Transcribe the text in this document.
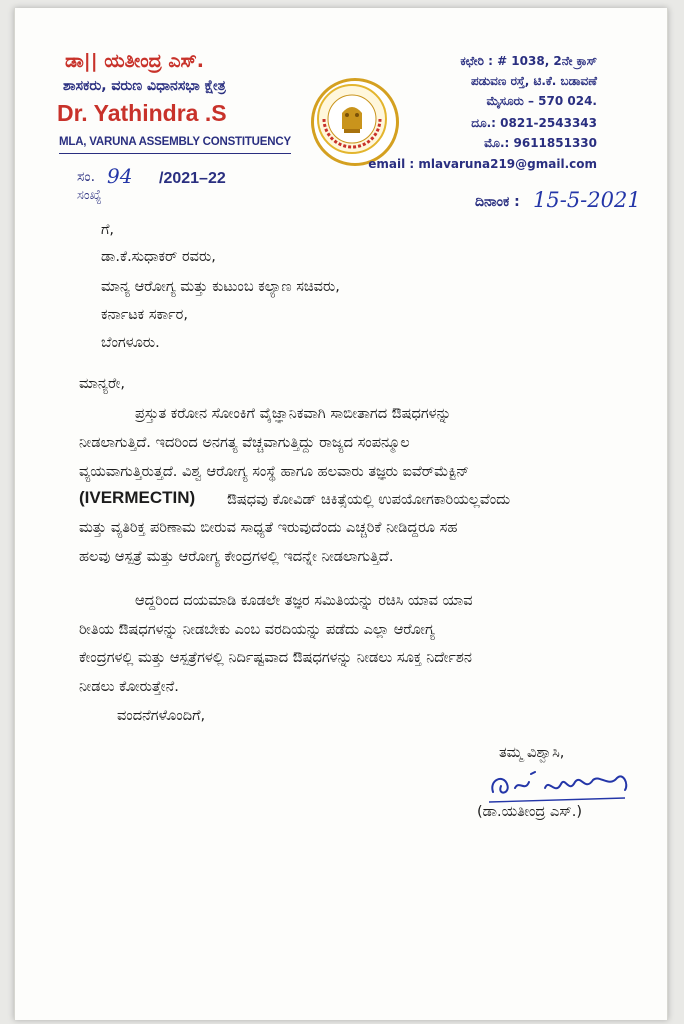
ಡಾ|| ಯತೀಂದ್ರ ಎಸ್.
ಶಾಸಕರು, ವರುಣ ವಿಧಾನಸಭಾ ಕ್ಷೇತ್ರ
Dr. Yathindra .S
MLA, VARUNA ASSEMBLY CONSTITUENCY
ಕಛೇರಿ : # 1038, 2ನೇ ಕ್ರಾಸ್
ಪಡುವಣ ರಸ್ತೆ, ಟಿ.ಕೆ. ಬಡಾವಣೆ
ಮೈಸೂರು – 570 024.
ದೂ.: 0821-2543343
ಮೊ.: 9611851330
email : mlavaruna219@gmail.com
ಸಂ.
ಸಂಖ್ಯೆ
94 /2021–22
ದಿನಾಂಕ : 15-5-2021
ಗೆ,
ಡಾ.ಕೆ.ಸುಧಾಕರ್ ರವರು,
ಮಾನ್ಯ ಆರೋಗ್ಯ ಮತ್ತು ಕುಟುಂಬ ಕಲ್ಯಾಣ ಸಚಿವರು,
ಕರ್ನಾಟಕ ಸರ್ಕಾರ,
ಬೆಂಗಳೂರು.
ಮಾನ್ಯರೇ,
ಪ್ರಸ್ತುತ ಕರೋನ ಸೋಂಕಿಗೆ ವೈಜ್ಞಾನಿಕವಾಗಿ ಸಾಬೀತಾಗದ ಔಷಧಗಳನ್ನು
ನೀಡಲಾಗುತ್ತಿದೆ. ಇದರಿಂದ ಅನಗತ್ಯ ವೆಚ್ಚವಾಗುತ್ತಿದ್ದು ರಾಜ್ಯದ ಸಂಪನ್ಮೂಲ
ವ್ಯಯವಾಗುತ್ತಿರುತ್ತದೆ. ವಿಶ್ವ ಆರೋಗ್ಯ ಸಂಸ್ಥೆ ಹಾಗೂ ಹಲವಾರು ತಜ್ಞರು ಐವೆರ್‌ಮೆಕ್ಟಿನ್
(IVERMECTIN) ಔಷಧವು ಕೋವಿಡ್ ಚಿಕಿತ್ಸೆಯಲ್ಲಿ ಉಪಯೋಗಕಾರಿಯಲ್ಲವೆಂದು
ಮತ್ತು ವ್ಯತಿರಿಕ್ತ ಪರಿಣಾಮ ಬೀರುವ ಸಾಧ್ಯತೆ ಇರುವುದೆಂದು ಎಚ್ಚರಿಕೆ ನೀಡಿದ್ದರೂ ಸಹ
ಹಲವು ಆಸ್ಪತ್ರೆ ಮತ್ತು ಆರೋಗ್ಯ ಕೇಂದ್ರಗಳಲ್ಲಿ ಇದನ್ನೇ ನೀಡಲಾಗುತ್ತಿದೆ.
ಆದ್ದರಿಂದ ದಯಮಾಡಿ ಕೂಡಲೇ ತಜ್ಞರ ಸಮಿತಿಯನ್ನು ರಚಿಸಿ ಯಾವ ಯಾವ
ರೀತಿಯ ಔಷಧಗಳನ್ನು ನೀಡಬೇಕು ಎಂಬ ವರದಿಯನ್ನು ಪಡೆದು ಎಲ್ಲಾ ಆರೋಗ್ಯ
ಕೇಂದ್ರಗಳಲ್ಲಿ ಮತ್ತು ಆಸ್ಪತ್ರೆಗಳಲ್ಲಿ ನಿರ್ದಿಷ್ಟವಾದ ಔಷಧಗಳನ್ನು ನೀಡಲು ಸೂಕ್ತ ನಿರ್ದೇಶನ
ನೀಡಲು ಕೋರುತ್ತೇನೆ.
ವಂದನೆಗಳೊಂದಿಗೆ,
ತಮ್ಮ ವಿಶ್ವಾಸಿ,
(ಡಾ.ಯತೀಂದ್ರ ಎಸ್.)
